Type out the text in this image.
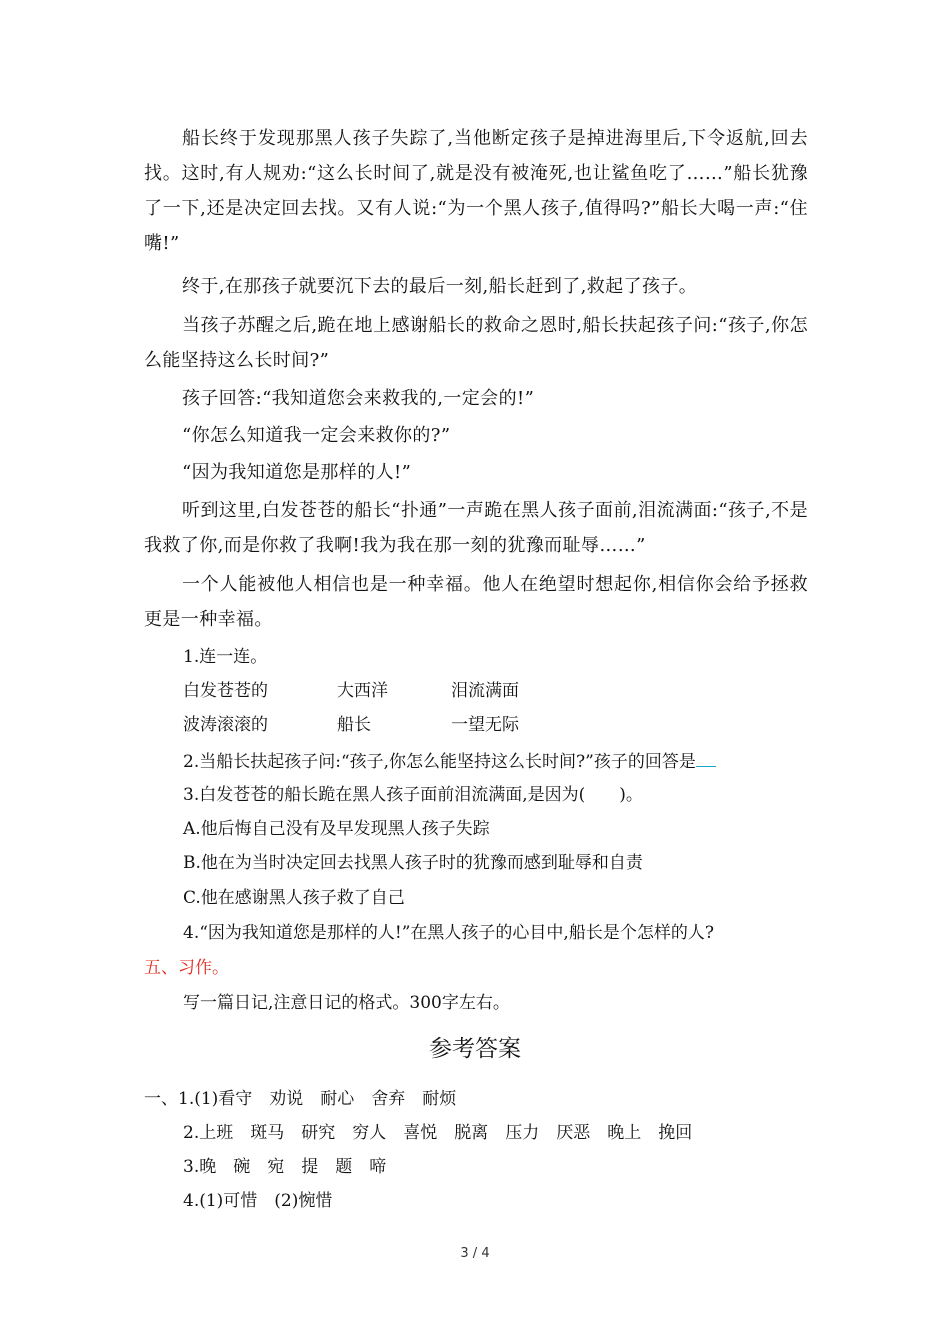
船长终于发现那黑人孩子失踪了,当他断定孩子是掉进海里后,下令返航,回去找。这时,有人规劝:“这么长时间了,就是没有被淹死,也让鲨鱼吃了……”船长犹豫了一下,还是决定回去找。又有人说:“为一个黑人孩子,值得吗?”船长大喝一声:“住嘴!”

终于,在那孩子就要沉下去的最后一刻,船长赶到了,救起了孩子。

当孩子苏醒之后,跪在地上感谢船长的救命之恩时,船长扶起孩子问:“孩子,你怎么能坚持这么长时间?”

孩子回答:“我知道您会来救我的,一定会的!”

“你怎么知道我一定会来救你的?”

“因为我知道您是那样的人!”

听到这里,白发苍苍的船长“扑通”一声跪在黑人孩子面前,泪流满面:“孩子,不是我救了你,而是你救了我啊!我为我在那一刻的犹豫而耻辱……”

一个人能被他人相信也是一种幸福。他人在绝望时想起你,相信你会给予拯救更是一种幸福。

1.连一连。
白发苍苍的	大西洋	泪流满面
波涛滚滚的	船长	一望无际
2.当船长扶起孩子问:“孩子,你怎么能坚持这么长时间?”孩子的回答是
3.白发苍苍的船长跪在黑人孩子面前泪流满面,是因为(　　)。
A.他后悔自己没有及早发现黑人孩子失踪
B.他在为当时决定回去找黑人孩子时的犹豫而感到耻辱和自责
C.他在感谢黑人孩子救了自己
4.“因为我知道您是那样的人!”在黑人孩子的心目中,船长是个怎样的人?
五、习作。
写一篇日记,注意日记的格式。300字左右。
参考答案
一、1.(1)看守　劝说　耐心　舍弃　耐烦
2.上班　斑马　研究　穷人　喜悦　脱离　压力　厌恶　晚上　挽回
3.晚　碗　宛　提　题　啼
4.(1)可惜　(2)惋惜
3 / 4
